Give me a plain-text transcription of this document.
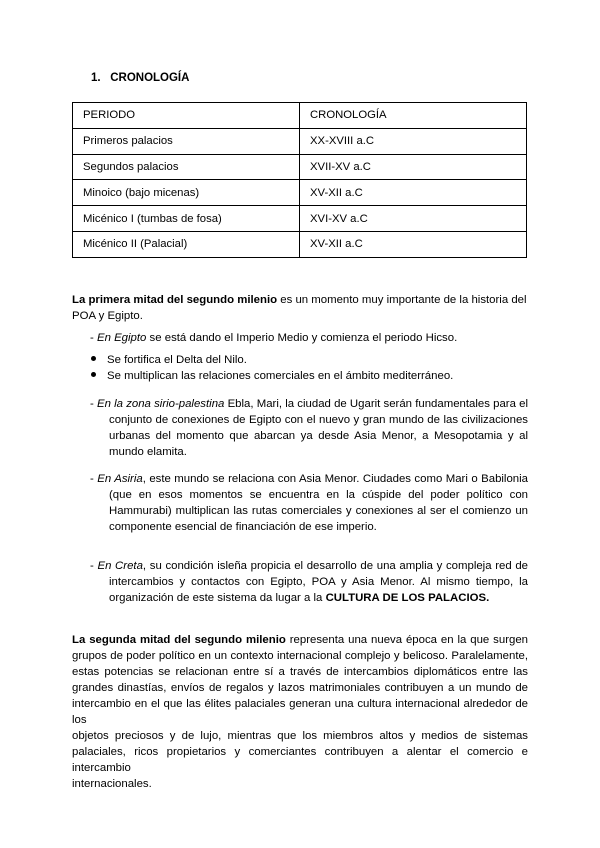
1. CRONOLOGÍA
PERIODO	CRONOLOGÍA
Primeros palacios	XX-XVIII a.C
Segundos palacios	XVII-XV a.C
Minoico (bajo micenas)	XV-XII a.C
Micénico I (tumbas de fosa)	XVI-XV a.C
Micénico II (Palacial)	XV-XII a.C
La primera mitad del segundo milenio es un momento muy importante de la historia del
POA y Egipto.
- En Egipto se está dando el Imperio Medio y comienza el periodo Hicso.
Se fortifica el Delta del Nilo.
Se multiplican las relaciones comerciales en el ámbito mediterráneo.
- En la zona sirio-palestina Ebla, Mari, la ciudad de Ugarit serán fundamentales para el
conjunto de conexiones de Egipto con el nuevo y gran mundo de las civilizaciones
urbanas del momento que abarcan ya desde Asia Menor, a Mesopotamia y al
mundo elamita.
- En Asiria, este mundo se relaciona con Asia Menor. Ciudades como Mari o Babilonia
(que en esos momentos se encuentra en la cúspide del poder político con
Hammurabi) multiplican las rutas comerciales y conexiones al ser el comienzo un
componente esencial de financiación de ese imperio.
- En Creta, su condición isleña propicia el desarrollo de una amplia y compleja red de
intercambios y contactos con Egipto, POA y Asia Menor. Al mismo tiempo, la
organización de este sistema da lugar a la CULTURA DE LOS PALACIOS.
La segunda mitad del segundo milenio representa una nueva época en la que surgen
grupos de poder político en un contexto internacional complejo y belicoso. Paralelamente,
estas potencias se relacionan entre sí a través de intercambios diplomáticos entre las
grandes dinastías, envíos de regalos y lazos matrimoniales contribuyen a un mundo de
intercambio en el que las élites palaciales generan una cultura internacional alrededor de los
objetos preciosos y de lujo, mientras que los miembros altos y medios de sistemas
palaciales, ricos propietarios y comerciantes contribuyen a alentar el comercio e intercambio
internacionales.
